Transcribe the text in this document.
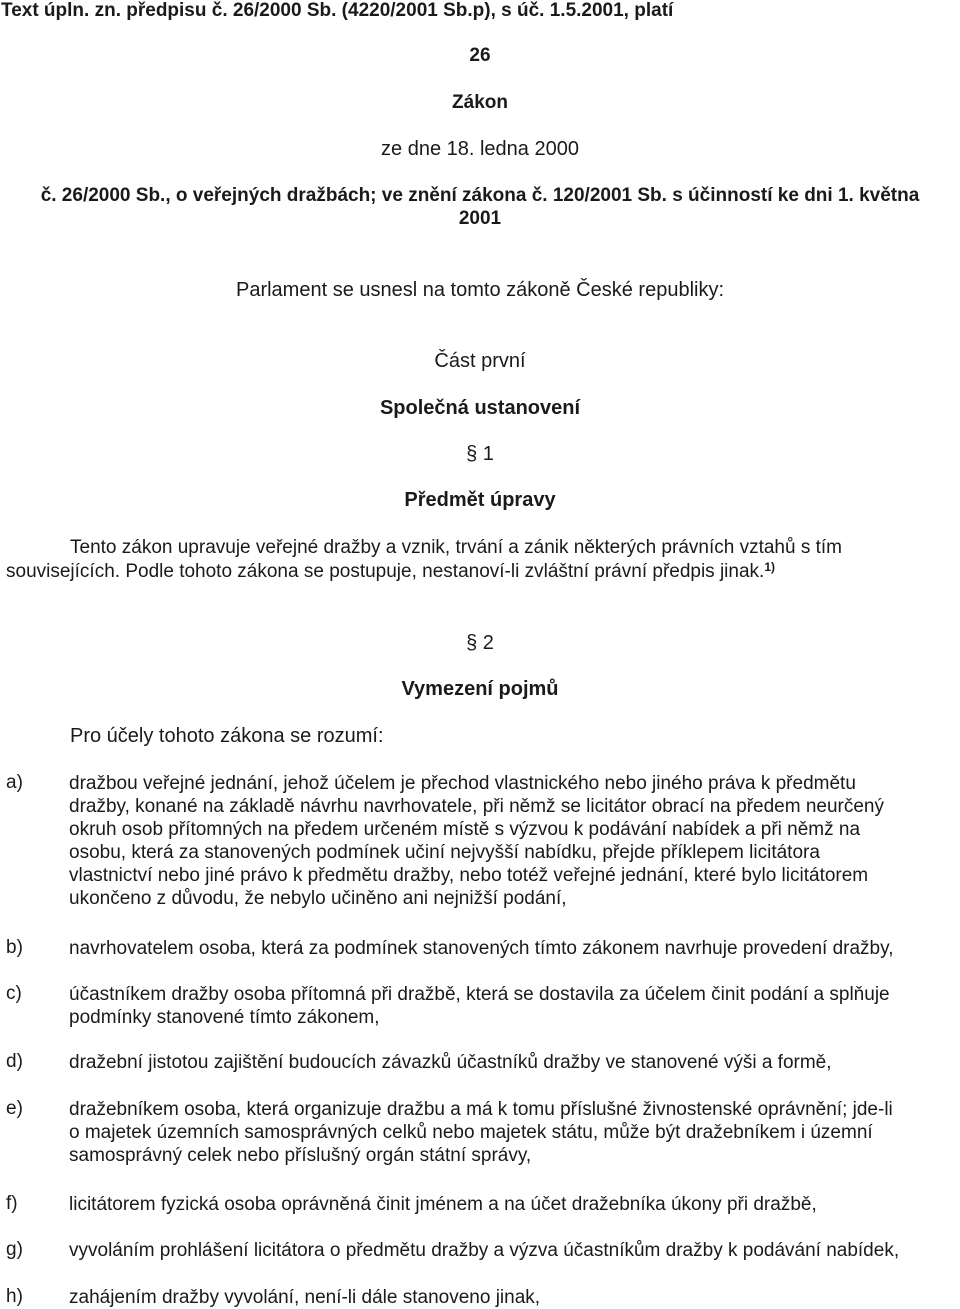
Text úpln. zn. předpisu č. 26/2000 Sb. (4220/2001 Sb.p), s úč. 1.5.2001, platí
26
Zákon
ze dne 18. ledna 2000
č. 26/2000 Sb., o veřejných dražbách; ve znění zákona č. 120/2001 Sb. s účinností ke dni 1. května
2001
Parlament se usnesl na tomto zákoně České republiky:
Část první
Společná ustanovení
§ 1
Předmět úpravy
Tento zákon upravuje veřejné dražby a vznik, trvání a zánik některých právních vztahů s tím
souvisejících. Podle tohoto zákona se postupuje, nestanoví-li zvláštní právní předpis jinak.$^{1)}$
§ 2
Vymezení pojmů
Pro účely tohoto zákona se rozumí:
a) dražbou veřejné jednání, jehož účelem je přechod vlastnického nebo jiného práva k předmětu
dražby, konané na základě návrhu navrhovatele, při němž se licitátor obrací na předem neurčený
okruh osob přítomných na předem určeném místě s výzvou k podávání nabídek a při němž na
osobu, která za stanovených podmínek učiní nejvyšší nabídku, přejde příklepem licitátora
vlastnictví nebo jiné právo k předmětu dražby, nebo totéž veřejné jednání, které bylo licitátorem
ukončeno z důvodu, že nebylo učiněno ani nejnižší podání,
b) navrhovatelem osoba, která za podmínek stanovených tímto zákonem navrhuje provedení dražby,
c) účastníkem dražby osoba přítomná při dražbě, která se dostavila za účelem činit podání a splňuje
podmínky stanovené tímto zákonem,
d) dražební jistotou zajištění budoucích závazků účastníků dražby ve stanovené výši a formě,
e) dražebníkem osoba, která organizuje dražbu a má k tomu příslušné živnostenské oprávnění; jde-li
o majetek územních samosprávných celků nebo majetek státu, může být dražebníkem i územní
samosprávný celek nebo příslušný orgán státní správy,
f)	licitátorem fyzická osoba oprávněná činit jménem a na účet dražebníka úkony při dražbě,
g) vyvoláním prohlášení licitátora o předmětu dražby a výzva účastníkům dražby k podávání nabídek,
h) zahájením dražby vyvolání, není-li dále stanoveno jinak,
